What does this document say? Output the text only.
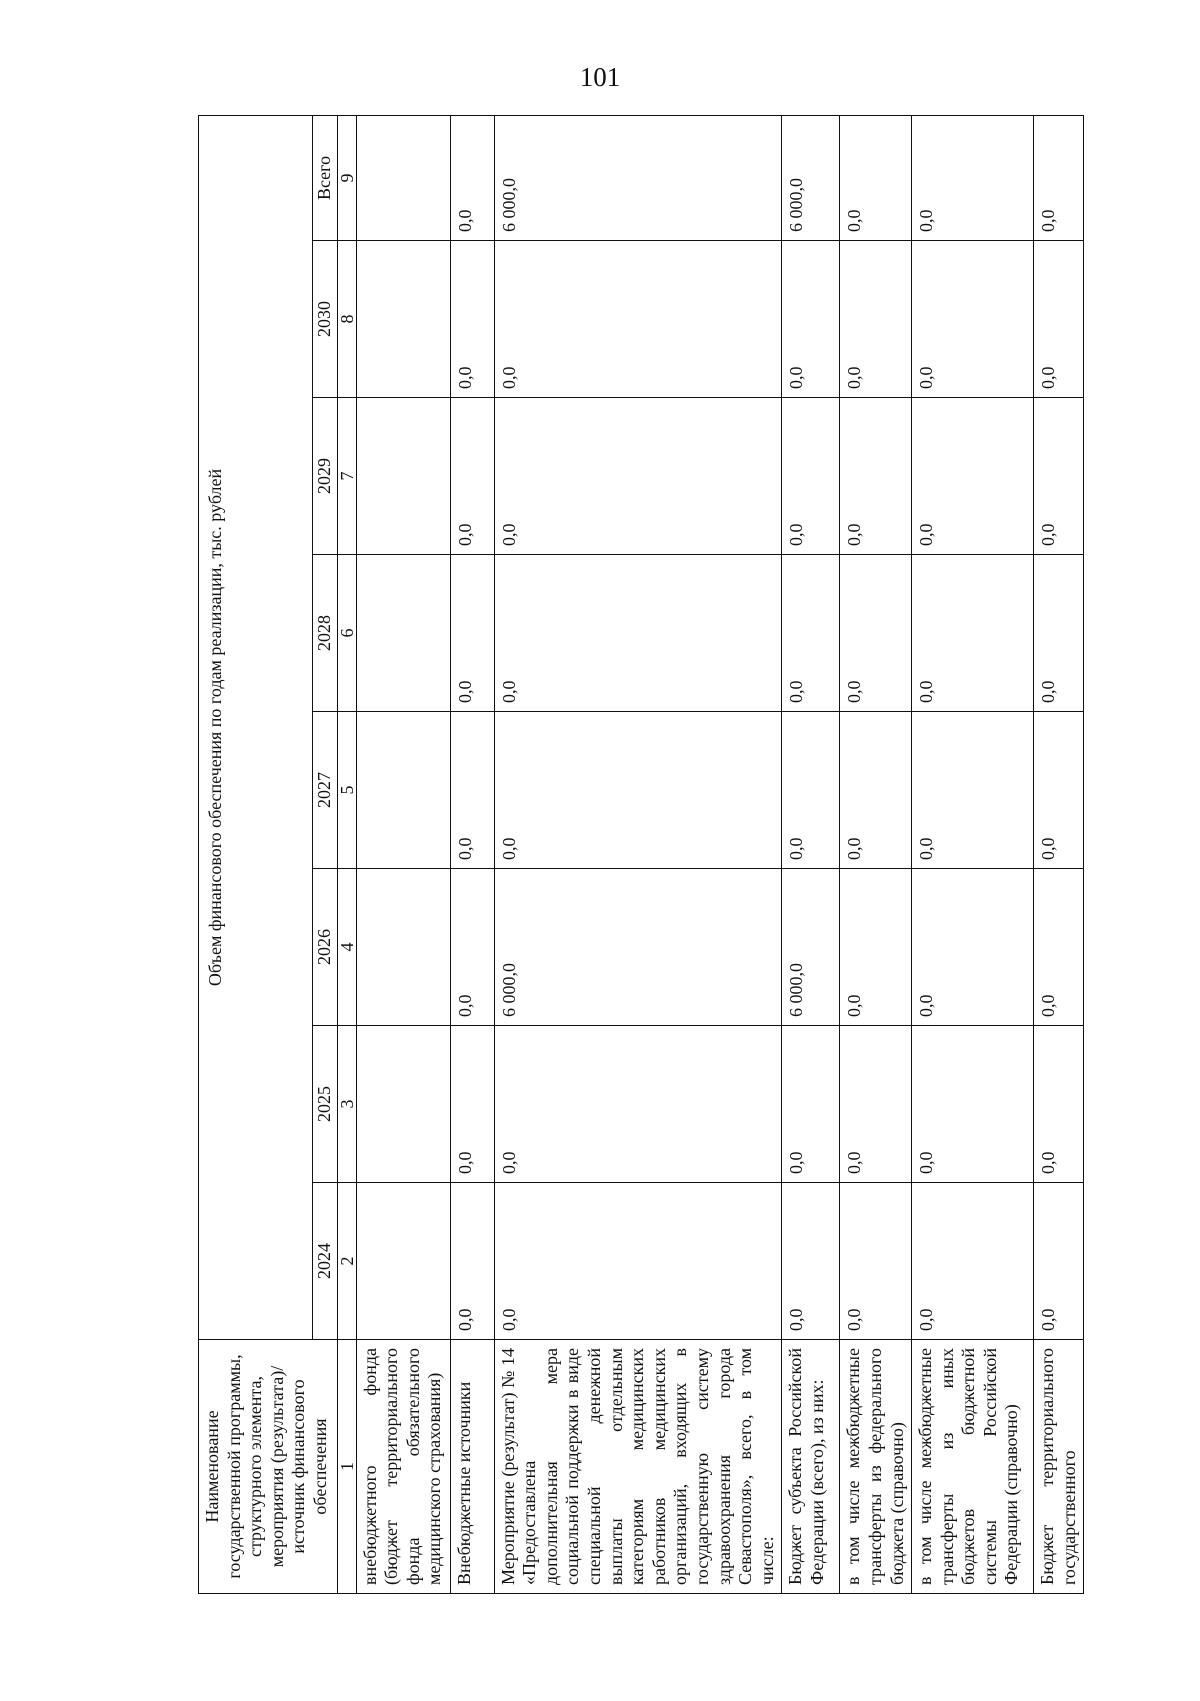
101
Наименование государственной программы, структурного элемента, мероприятия (результата)/источник финансового обеспечения	Объем финансового обеспечения по годам реализации, тыс. рублей							
	2024	2025	2026	2027	2028	2029	2030	Всего
1	2	3	4	5	6	7	8	9
внебюджетного фонда (бюджет территориального фонда обязательного медицинского страхования)								
Внебюджетные источники	0,0	0,0	0,0	0,0	0,0	0,0	0,0	0,0
Мероприятие (результат) № 14 «Предоставлена дополнительная мера социальной поддержки в виде специальной денежной выплаты отдельным категориям медицинских работников медицинских организаций, входящих в государственную систему здравоохранения города Севастополя», всего, в том числе:	0,0	0,0	6 000,0	0,0	0,0	0,0	0,0	6 000,0
Бюджет субъекта Российской Федерации (всего), из них:	0,0	0,0	6 000,0	0,0	0,0	0,0	0,0	6 000,0
в том числе межбюджетные трансферты из федерального бюджета (справочно)	0,0	0,0	0,0	0,0	0,0	0,0	0,0	0,0
в том числе межбюджетные трансферты из иных бюджетов бюджетной системы Российской Федерации (справочно)	0,0	0,0	0,0	0,0	0,0	0,0	0,0	0,0
Бюджет территориального государственного	0,0	0,0	0,0	0,0	0,0	0,0	0,0	0,0
